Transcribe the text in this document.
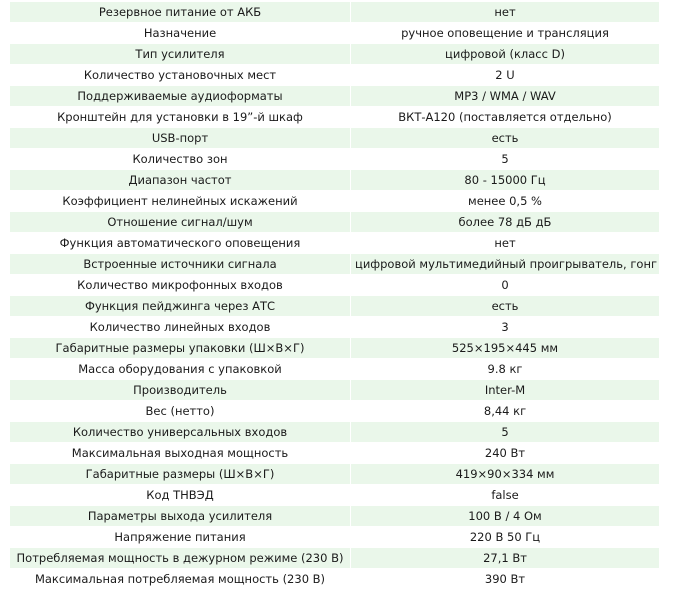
Резервное питание от АКБ	нет
Назначение	ручное оповещение и трансляция
Тип усилителя	цифровой (класс D)
Количество установочных мест	2 U
Поддерживаемые аудиоформаты	MP3 / WMA / WAV
Кронштейн для установки в 19”-й шкаф	ВКТ-А120 (поставляется отдельно)
USB-порт	есть
Количество зон	5
Диапазон частот	80 - 15000 Гц
Коэффициент нелинейных искажений	менее 0,5 %
Отношение сигнал/шум	более 78 дБ дБ
Функция автоматического оповещения	нет
Встроенные источники сигнала	цифровой мультимедийный проигрыватель, гонг
Количество микрофонных входов	0
Функция пейджинга через АТС	есть
Количество линейных входов	3
Габаритные размеры упаковки (Ш×В×Г)	525×195×445 мм
Масса оборудования с упаковкой	9.8 кг
Производитель	Inter-M
Вес (нетто)	8,44 кг
Количество универсальных входов	5
Максимальная выходная мощность	240 Вт
Габаритные размеры (Ш×В×Г)	419×90×334 мм
Код ТНВЭД	false
Параметры выхода усилителя	100 В / 4 Ом
Напряжение питания	220 В 50 Гц
Потребляемая мощность в дежурном режиме (230 В)	27,1 Вт
Максимальная потребляемая мощность (230 В)	390 Вт
